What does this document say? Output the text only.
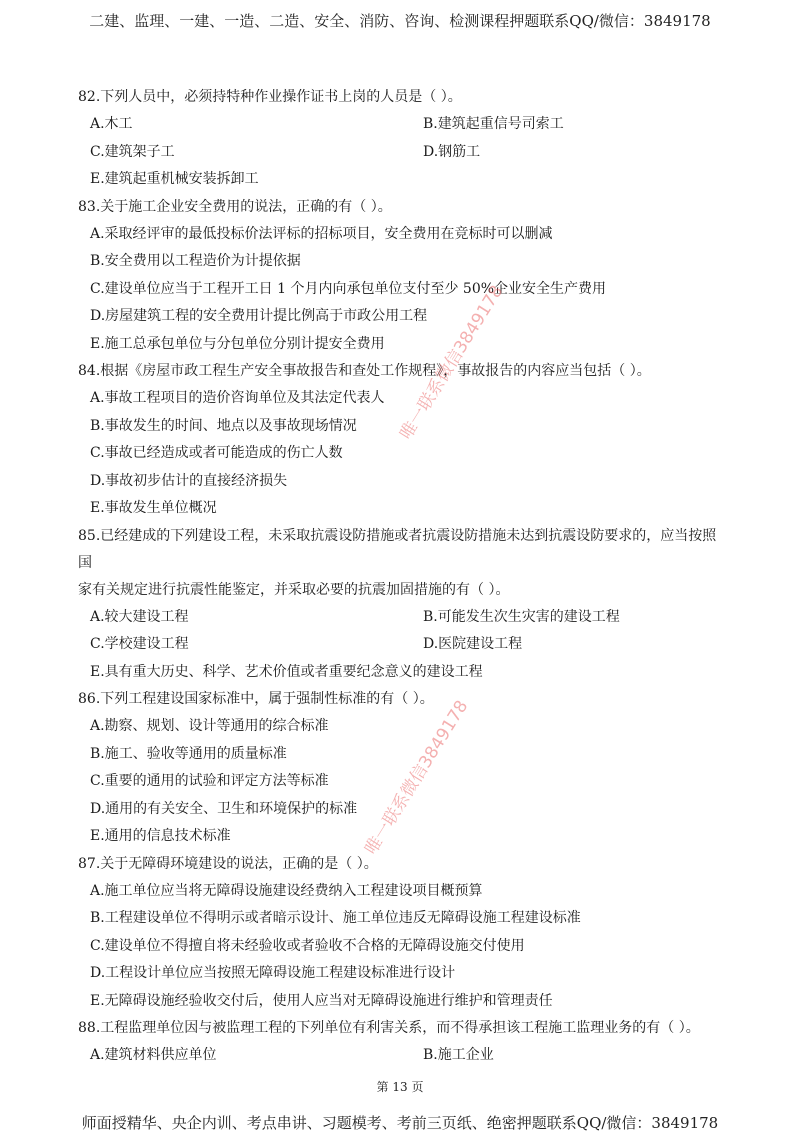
二建、监理、一建、一造、二造、安全、消防、咨询、检测课程押题联系QQ/微信：3849178

82.下列人员中，必须持特种作业操作证书上岗的人员是（ ）。

A.木工	B.建筑起重信号司索工
C.建筑架子工	D.钢筋工
E.建筑起重机械安装拆卸工

83.关于施工企业安全费用的说法，正确的有（ ）。

A.采取经评审的最低投标价法评标的招标项目，安全费用在竞标时可以删减
B.安全费用以工程造价为计提依据
C.建设单位应当于工程开工日 1 个月内向承包单位支付至少 50%企业安全生产费用
D.房屋建筑工程的安全费用计提比例高于市政公用工程
E.施工总承包单位与分包单位分别计提安全费用

84.根据《房屋市政工程生产安全事故报告和查处工作规程》，事故报告的内容应当包括（ ）。

A.事故工程项目的造价咨询单位及其法定代表人
B.事故发生的时间、地点以及事故现场情况
C.事故已经造成或者可能造成的伤亡人数
D.事故初步估计的直接经济损失
E.事故发生单位概况

85.已经建成的下列建设工程，未采取抗震设防措施或者抗震设防措施未达到抗震设防要求的，应当按照国

家有关规定进行抗震性能鉴定，并采取必要的抗震加固措施的有（ ）。

A.较大建设工程	B.可能发生次生灾害的建设工程
C.学校建设工程	D.医院建设工程
E.具有重大历史、科学、艺术价值或者重要纪念意义的建设工程

86.下列工程建设国家标准中，属于强制性标准的有（ ）。

A.勘察、规划、设计等通用的综合标准
B.施工、验收等通用的质量标准
C.重要的通用的试验和评定方法等标准
D.通用的有关安全、卫生和环境保护的标准
E.通用的信息技术标准

87.关于无障碍环境建设的说法，正确的是（ ）。

A.施工单位应当将无障碍设施建设经费纳入工程建设项目概预算
B.工程建设单位不得明示或者暗示设计、施工单位违反无障碍设施工程建设标准
C.建设单位不得擅自将未经验收或者验收不合格的无障碍设施交付使用
D.工程设计单位应当按照无障碍设施工程建设标准进行设计
E.无障碍设施经验收交付后，使用人应当对无障碍设施进行维护和管理责任

88.工程监理单位因与被监理工程的下列单位有利害关系，而不得承担该工程施工监理业务的有（ ）。

A.建筑材料供应单位	B.施工企业
唯一联系微信3849178
唯一联系微信3849178
第 13 页
师面授精华、央企内训、考点串讲、习题模考、考前三页纸、绝密押题联系QQ/微信：3849178
